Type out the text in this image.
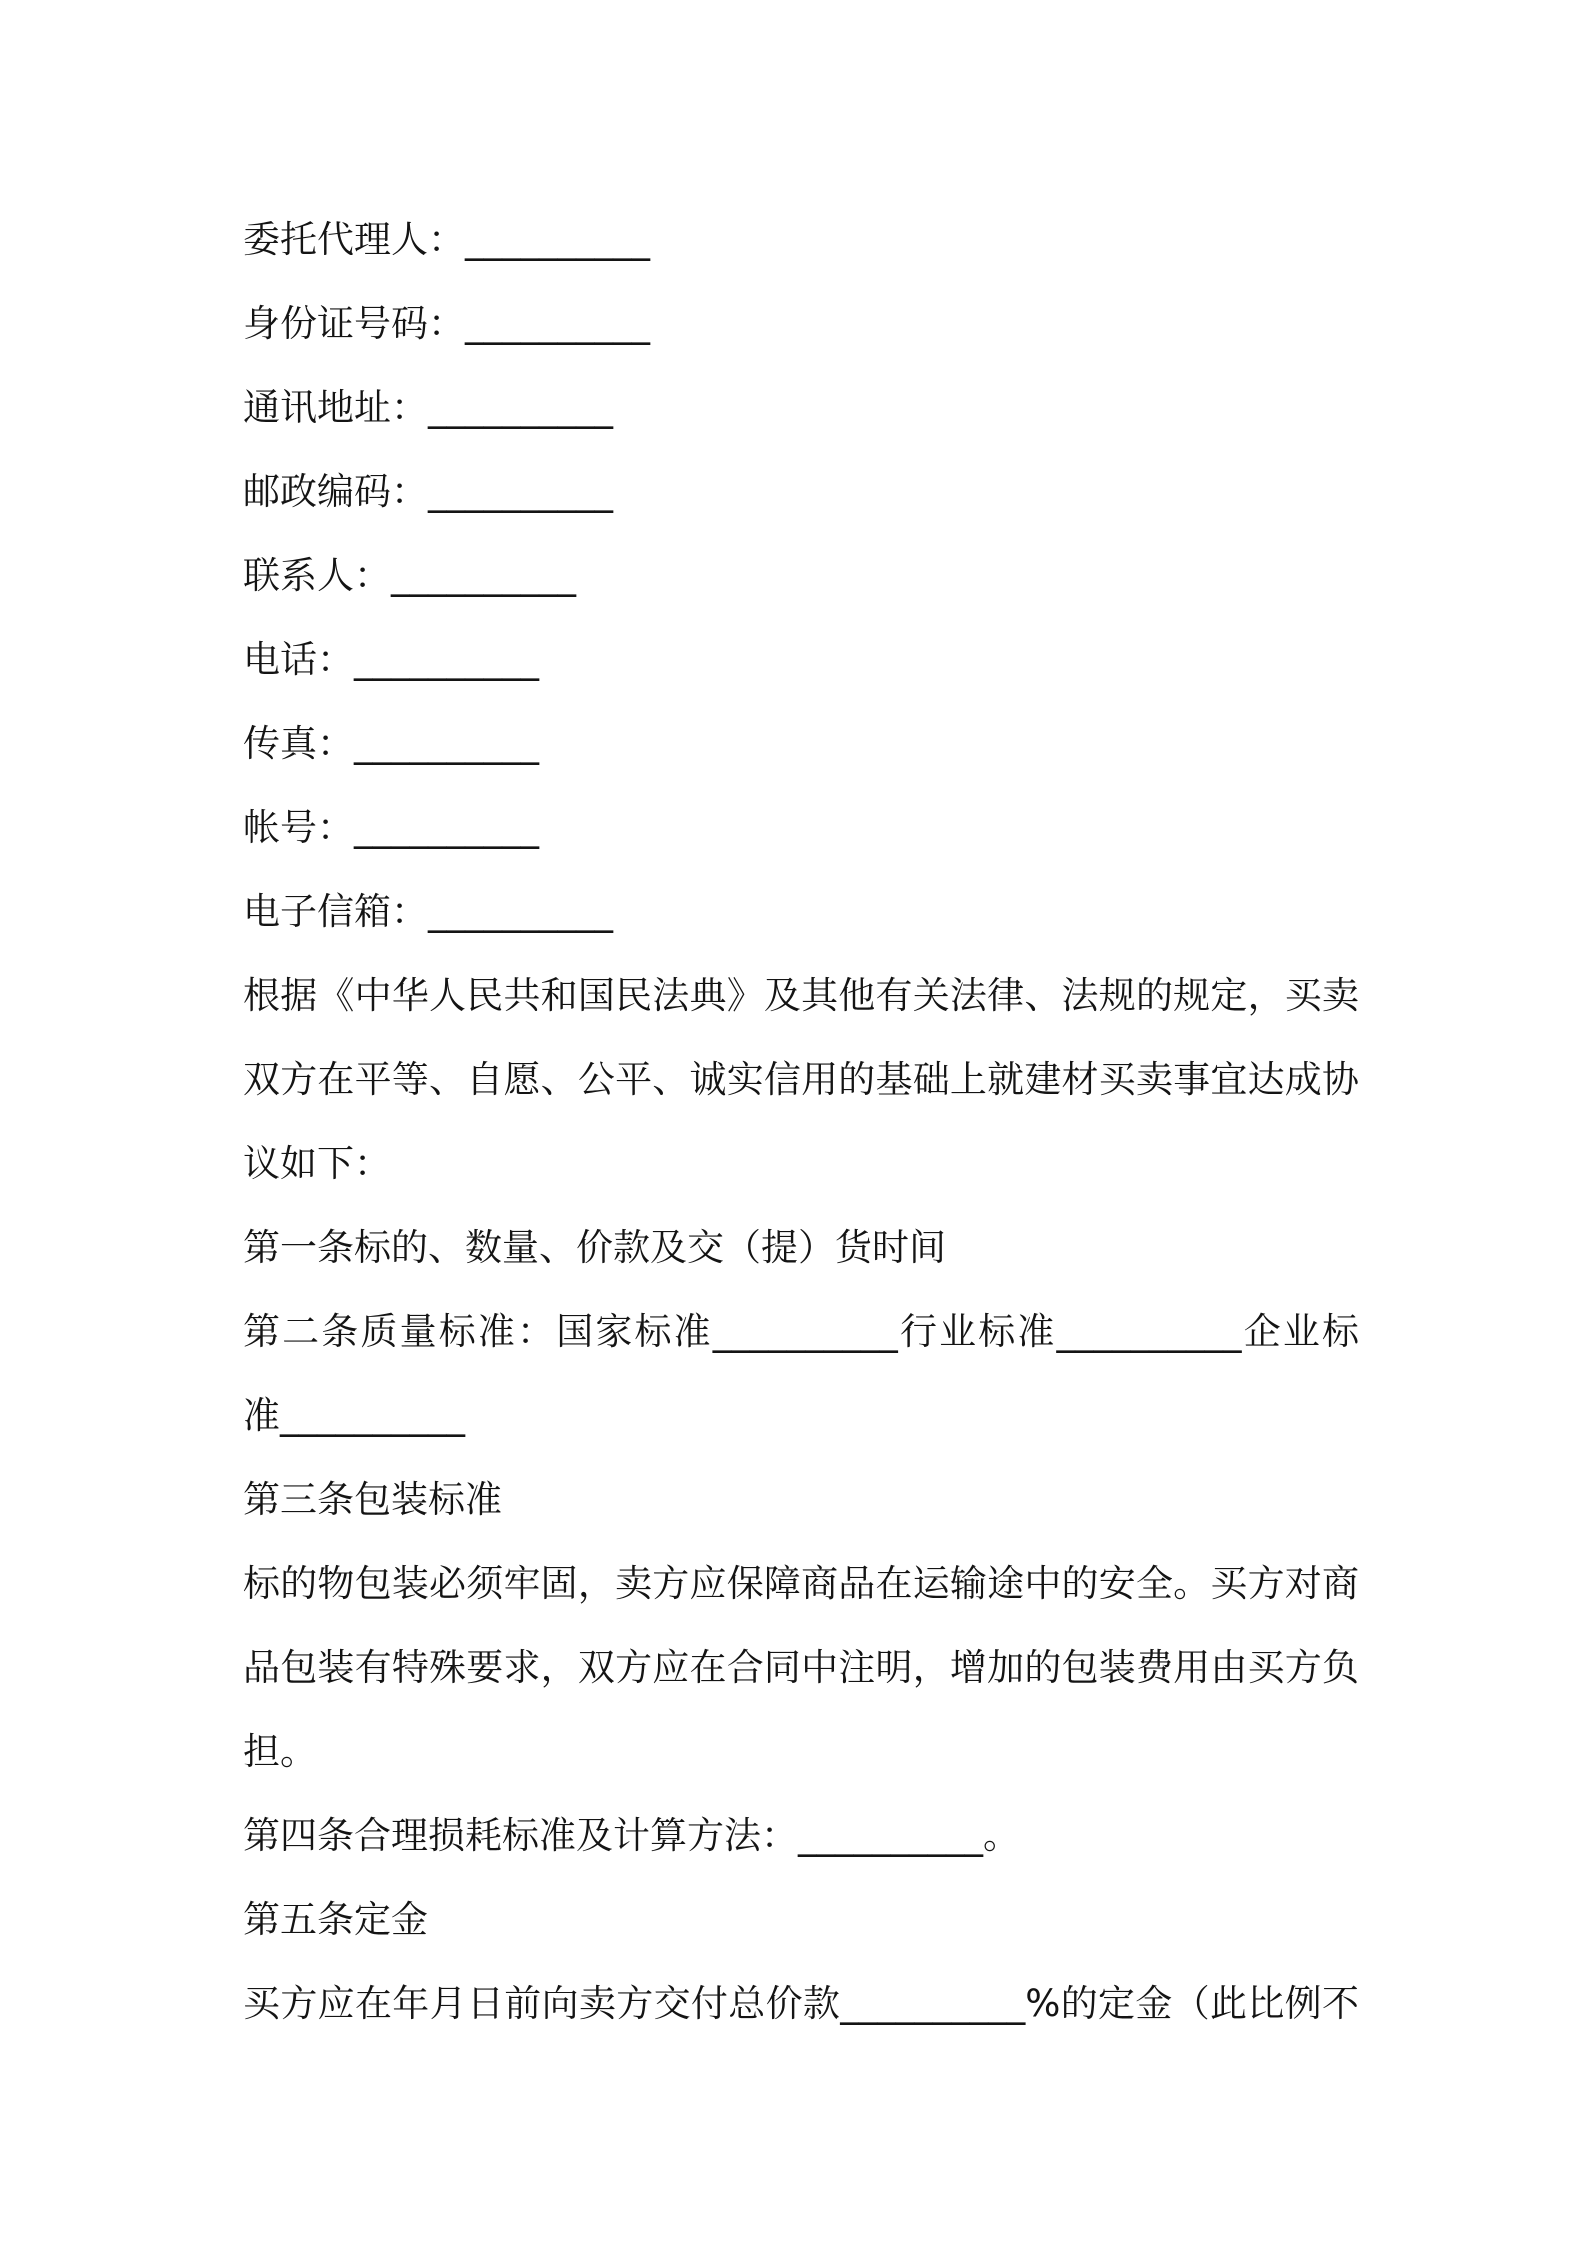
委托代理人：__________
身份证号码：__________
通讯地址：__________
邮政编码：__________
联系人：__________
电话：__________
传真：__________
帐号：__________
电子信箱：__________
根据《中华人民共和国民法典》及其他有关法律、法规的规定，买卖
双方在平等、自愿、公平、诚实信用的基础上就建材买卖事宜达成协
议如下：
第一条标的、数量、价款及交（提）货时间
第二条质量标准：国家标准__________行业标准__________企业标
准__________
第三条包装标准
标的物包装必须牢固，卖方应保障商品在运输途中的安全。买方对商
品包装有特殊要求，双方应在合同中注明，增加的包装费用由买方负
担。
第四条合理损耗标准及计算方法：__________。
第五条定金
买方应在年月日前向卖方交付总价款__________%的定金（此比例不
